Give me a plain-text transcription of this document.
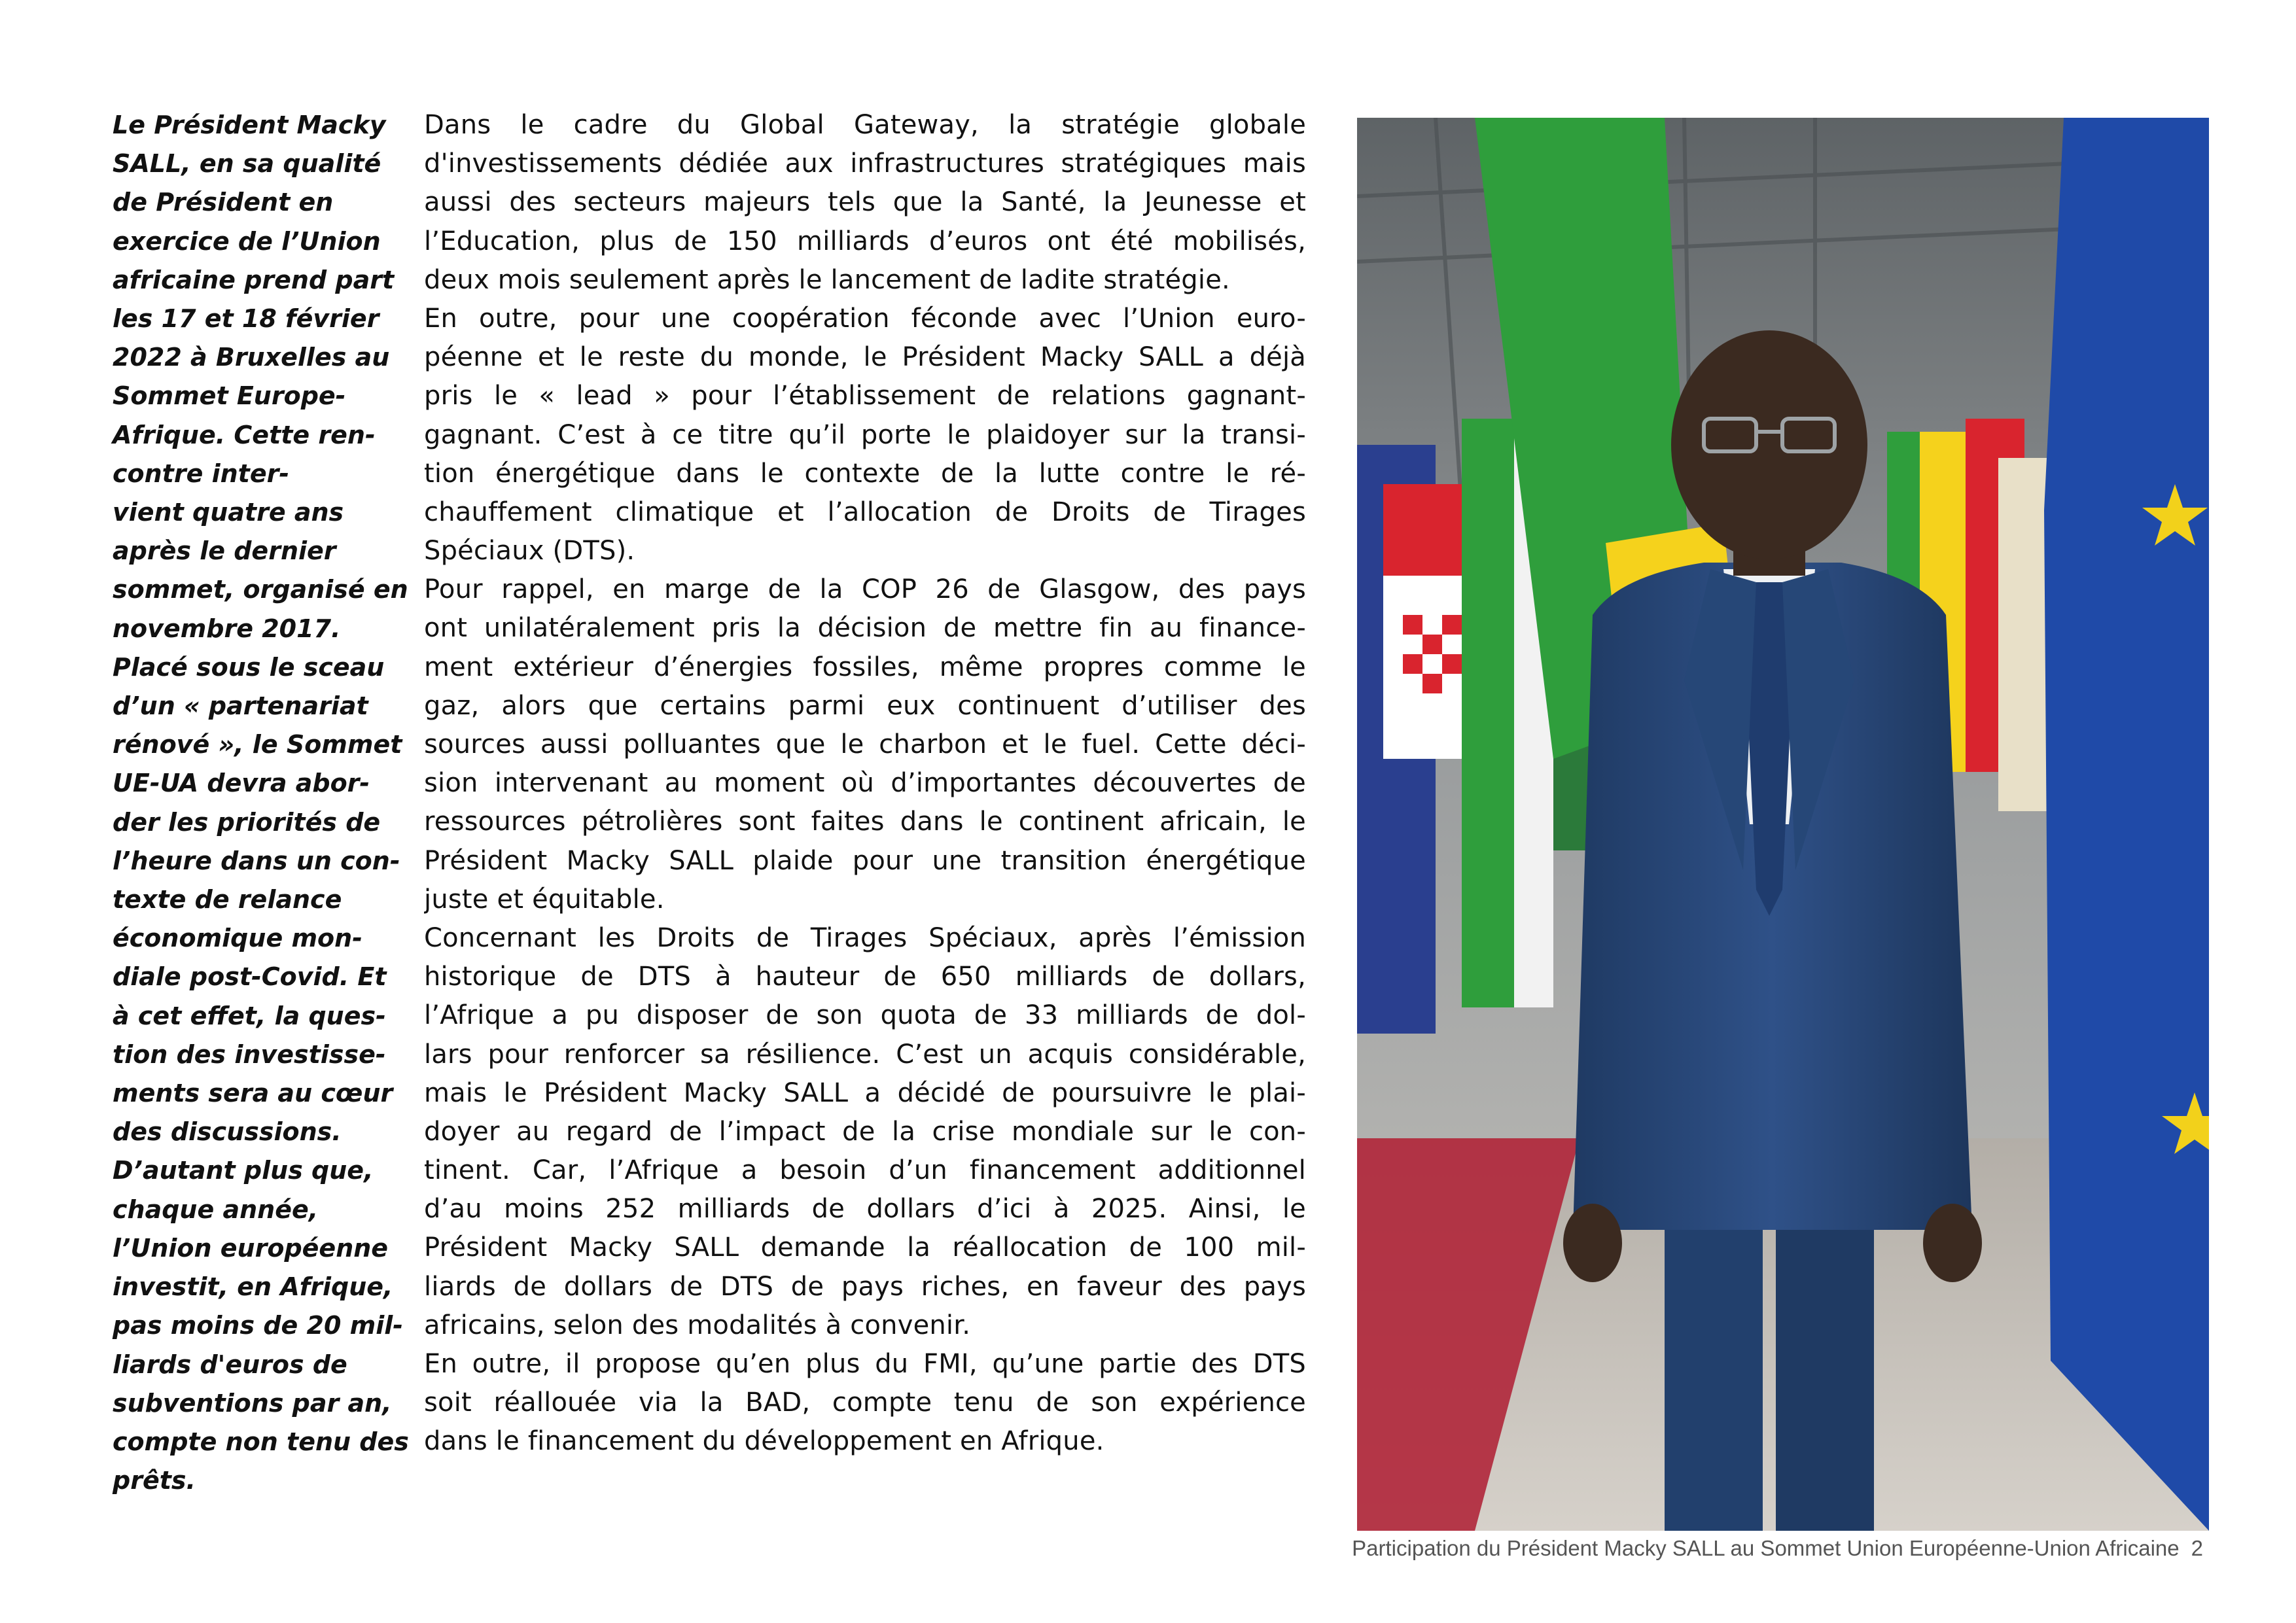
Le Président Macky
SALL, en sa qualité
de Président en
exercice de l’Union
africaine prend part
les 17 et 18 février
2022 à Bruxelles au
Sommet Europe-
Afrique. Cette ren-
contre inter-
vient quatre ans
après le dernier
sommet, organisé en
novembre 2017.
Placé sous le sceau
d’un « partenariat
rénové », le Sommet
UE-UA devra abor-
der les priorités de
l’heure dans un con-
texte de relance
économique mon-
diale post-Covid. Et
à cet effet, la ques-
tion des investisse-
ments sera au cœur
des discussions.
D’autant plus que,
chaque année,
l’Union européenne
investit, en Afrique,
pas moins de 20 mil-
liards d'euros de
subventions par an,
compte non tenu des
prêts.
Dans le cadre du Global Gateway, la stratégie globale
d'investissements dédiée aux infrastructures stratégiques mais
aussi des secteurs majeurs tels que la Santé, la Jeunesse et
l’Education, plus de 150 milliards d’euros ont été mobilisés,
deux mois seulement après le lancement de ladite stratégie.
En outre, pour une coopération féconde avec l’Union euro-
péenne et le reste du monde, le Président Macky SALL a déjà
pris le « lead » pour l’établissement de relations gagnant-
gagnant. C’est à ce titre qu’il porte le plaidoyer sur la transi-
tion énergétique dans le contexte de la lutte contre le ré-
chauffement climatique et l’allocation de Droits de Tirages
Spéciaux (DTS).
Pour rappel, en marge de la COP 26 de Glasgow, des pays
ont unilatéralement pris la décision de mettre fin au finance-
ment extérieur d’énergies fossiles, même propres comme le
gaz, alors que certains parmi eux continuent d’utiliser des
sources aussi polluantes que le charbon et le fuel. Cette déci-
sion intervenant au moment où d’importantes découvertes de
ressources pétrolières sont faites dans le continent africain, le
Président Macky SALL plaide pour une transition énergétique
juste et équitable.
Concernant les Droits de Tirages Spéciaux, après l’émission
historique de DTS à hauteur de 650 milliards de dollars,
l’Afrique a pu disposer de son quota de 33 milliards de dol-
lars pour renforcer sa résilience. C’est un acquis considérable,
mais le Président Macky SALL a décidé de poursuivre le plai-
doyer au regard de l’impact de la crise mondiale sur le con-
tinent. Car, l’Afrique a besoin d’un financement additionnel
d’au moins 252 milliards de dollars d’ici à 2025. Ainsi, le
Président Macky SALL demande la réallocation de 100 mil-
liards de dollars de DTS de pays riches, en faveur des pays
africains, selon des modalités à convenir.
En outre, il propose qu’en plus du FMI, qu’une partie des DTS
soit réallouée via la BAD, compte tenu de son expérience
dans le financement du développement en Afrique.
Participation du Président Macky SALL au Sommet Union Européenne-Union Africaine 2
